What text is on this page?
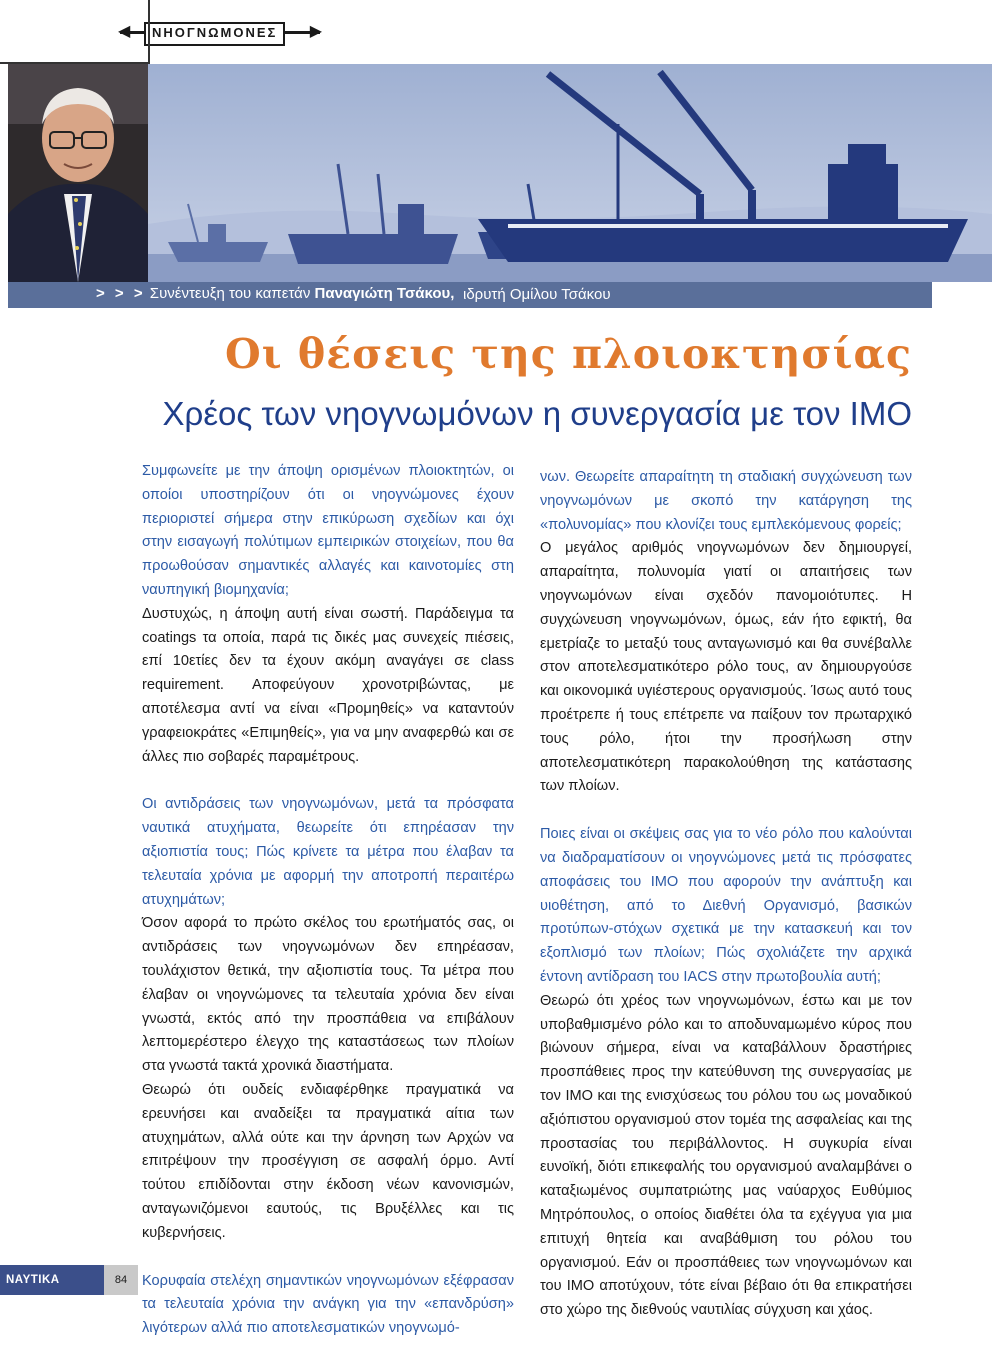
◀	ΝΗΟΓΝΩΜΟΝΕΣ	▶
> > > Συνέντευξη του καπετάν Παναγιώτη Τσάκου, ιδρυτή Ομίλου Τσάκου
Οι θέσεις της πλοιοκτησίας
Χρέος των νηογνωμόνων η συνεργασία με τον ΙΜΟ

Συμφωνείτε με την άποψη ορισμένων πλοιοκτητών, οι οποίοι υποστηρίζουν ότι οι νηογνώμονες έχουν περιοριστεί σήμερα στην επικύρωση σχεδίων και όχι στην εισαγωγή πολύτιμων εμπειρικών στοιχείων, που θα προωθούσαν σημαντικές αλλαγές και καινοτομίες στη ναυπηγική βιομηχανία;

Δυστυχώς, η άποψη αυτή είναι σωστή. Παράδειγμα τα coatings τα οποία, παρά τις δικές μας συνεχείς πιέσεις, επί 10ετίες δεν τα έχουν ακόμη αναγάγει σε class requirement. Αποφεύγουν χρονοτριβώντας, με αποτέλεσμα αντί να είναι «Προμηθείς» να καταντούν γραφειοκράτες «Επιμηθείς», για να μην αναφερθώ και σε άλλες πιο σοβαρές παραμέτρους.

Οι αντιδράσεις των νηογνωμόνων, μετά τα πρόσφατα ναυτικά ατυχήματα, θεωρείτε ότι επηρέασαν την αξιοπιστία τους; Πώς κρίνετε τα μέτρα που έλαβαν τα τελευταία χρόνια με αφορμή την αποτροπή περαιτέρω ατυχημάτων;

Όσον αφορά το πρώτο σκέλος του ερωτήματός σας, οι αντιδράσεις των νηογνωμόνων δεν επηρέασαν, τουλάχιστον θετικά, την αξιοπιστία τους. Τα μέτρα που έλαβαν οι νηογνώμονες τα τελευταία χρόνια δεν είναι γνωστά, εκτός από την προσπάθεια να επιβάλουν λεπτομερέστερο έλεγχο της καταστάσεως των πλοίων στα γνωστά τακτά χρονικά διαστήματα.

Θεωρώ ότι ουδείς ενδιαφέρθηκε πραγματικά να ερευνήσει και αναδείξει τα πραγματικά αίτια των ατυχημάτων, αλλά ούτε και την άρνηση των Αρχών να επιτρέψουν την προσέγγιση σε ασφαλή όρμο. Αντί τούτου επιδίδονται στην έκδοση νέων κανονισμών, ανταγωνιζόμενοι εαυτούς, τις Βρυξέλλες και τις κυβερνήσεις.

Κορυφαία στελέχη σημαντικών νηογνωμόνων εξέφρασαν τα τελευταία χρόνια την ανάγκη για την «επανδρύση» λιγότερων αλλά πιο αποτελεσματικών νηογνωμό-

νων. Θεωρείτε απαραίτητη τη σταδιακή συγχώνευση των νηογνωμόνων με σκοπό την κατάργηση της «πολυνομίας» που κλονίζει τους εμπλεκόμενους φορείς;

Ο μεγάλος αριθμός νηογνωμόνων δεν δημιουργεί, απαραίτητα, πολυνομία γιατί οι απαιτήσεις των νηογνωμόνων είναι σχεδόν πανομοιότυπες. Η συγχώνευση νηογνωμόνων, όμως, εάν ήτο εφικτή, θα εμετρίαζε το μεταξύ τους ανταγωνισμό και θα συνέβαλλε στον αποτελεσματικότερο ρόλο τους, αν δημιουργούσε και οικονομικά υγιέστερους οργανισμούς. Ίσως αυτό τους πρoέτρεπε ή τους επέτρεπε να παίξουν τον πρωταρχικό τους ρόλο, ήτοι την προσήλωση στην αποτελεσματικότερη παρακολούθηση της κατάστασης των πλοίων.

Ποιες είναι οι σκέψεις σας για το νέο ρόλο που καλούνται να διαδραματίσουν οι νηογνώμονες μετά τις πρόσφατες αποφάσεις του IMO που αφορούν την ανάπτυξη και υιοθέτηση, από το Διεθνή Οργανισμό, βασικών προτύπων-στόχων σχετικά με την κατασκευή και τον εξοπλισμό των πλοίων; Πώς σχολιάζετε την αρχικά έντονη αντίδραση του IACS στην πρωτοβουλία αυτή;

Θεωρώ ότι χρέος των νηογνωμόνων, έστω και με τον υποβαθμισμένο ρόλο και το αποδυναμωμένο κύρος που βιώνουν σήμερα, είναι να καταβάλλουν δραστήριες προσπάθειες προς την κατεύθυνση της συνεργασίας με τον IMO και της ενισχύσεως του ρόλου του ως μοναδικού αξιόπιστου οργανισμού στον τομέα της ασφαλείας και της προστασίας του περιβάλλοντος. Η συγκυρία είναι ευνοϊκή, διότι επικεφαλής του οργανισμού αναλαμβάνει ο καταξιωμένος συμπατριώτης μας ναύαρχος Ευθύμιος Μητρόπουλος, ο οποίος διαθέτει όλα τα εχέγγυα για μια επιτυχή θητεία και αναβάθμιση του ρόλου του οργανισμού. Εάν οι προσπάθειες των νηογνωμόνων και του IMO αποτύχουν, τότε είναι βέβαιο ότι θα επικρατήσει στο χώρο της διεθνούς ναυτιλίας σύγχυση και χάος.

ΝΑΥΤΙΚΑ ΧΡΟΝΙΚΑ
84
